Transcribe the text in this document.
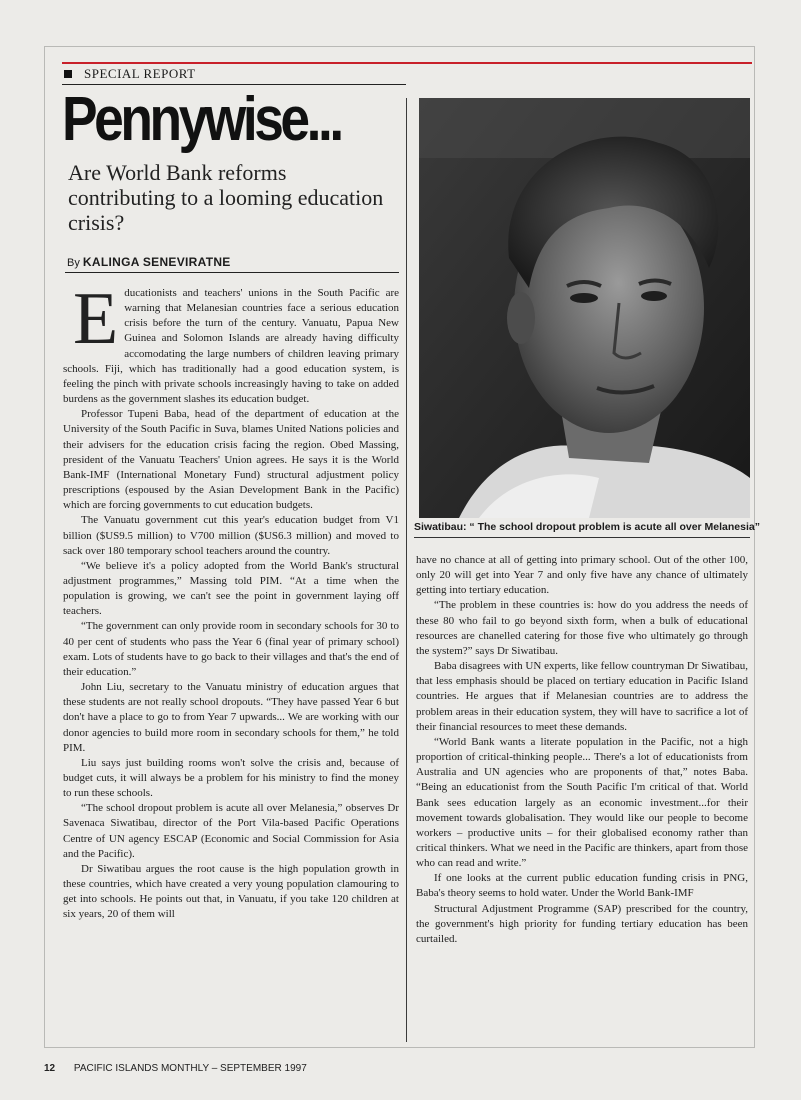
SPECIAL REPORT
Pennywise...
Are World Bank reforms contributing to a looming education crisis?
By KALINGA SENEVIRATNE

Educationists and teachers' unions in the South Pacific are warning that Melanesian countries face a serious education crisis before the turn of the century. Vanuatu, Papua New Guinea and Solomon Islands are already having difficulty accomodating the large numbers of children leaving primary schools. Fiji, which has traditionally had a good education system, is feeling the pinch with private schools increasingly having to take on added burdens as the government slashes its education budget.

Professor Tupeni Baba, head of the department of education at the University of the South Pacific in Suva, blames United Nations policies and their advisers for the education crisis facing the region. Obed Massing, president of the Vanuatu Teachers' Union agrees. He says it is the World Bank-IMF (International Monetary Fund) structural adjustment policy prescriptions (espoused by the Asian Development Bank in the Pacific) which are forcing governments to cut education budgets.

The Vanuatu government cut this year's education budget from V1 billion ($US9.5 million) to V700 million ($US6.3 million) and moved to sack over 180 temporary school teachers around the country.

“We believe it's a policy adopted from the World Bank's structural adjustment programmes,” Massing told PIM. “At a time when the population is growing, we can't see the point in government laying off teachers.

“The government can only provide room in secondary schools for 30 to 40 per cent of students who pass the Year 6 (final year of primary school) exam. Lots of students have to go back to their villages and that's the end of their education.”

John Liu, secretary to the Vanuatu ministry of education argues that these students are not really school dropouts. “They have passed Year 6 but don't have a place to go to from Year 7 upwards... We are working with our donor agencies to build more room in secondary schools for them,” he told PIM.

Liu says just building rooms won't solve the crisis and, because of budget cuts, it will always be a problem for his ministry to find the money to run these schools.

“The school dropout problem is acute all over Melanesia,” observes Dr Savenaca Siwatibau, director of the Port Vila-based Pacific Operations Centre of UN agency ESCAP (Economic and Social Commission for Asia and the Pacific).

Dr Siwatibau argues the root cause is the high population growth in these countries, which have created a very young population clamouring to get into schools. He points out that, in Vanuatu, if you take 120 children at six years, 20 of them will

Siwatibau: “ The school dropout problem is acute all over Melanesia”

have no chance at all of getting into primary school. Out of the other 100, only 20 will get into Year 7 and only five have any chance of ultimately getting into tertiary education.

“The problem in these countries is: how do you address the needs of these 80 who fail to go beyond sixth form, when a bulk of educational resources are chanelled catering for those five who ultimately go through the system?” says Dr Siwatibau.

Baba disagrees with UN experts, like fellow countryman Dr Siwatibau, that less emphasis should be placed on tertiary education in Pacific Island countries. He argues that if Melanesian countries are to address the problem areas in their education system, they will have to sacrifice a lot of their financial resources to meet these demands.

“World Bank wants a literate population in the Pacific, not a high proportion of critical-thinking people... There's a lot of educationists from Australia and UN agencies who are proponents of that,” notes Baba. “Being an educationist from the South Pacific I'm critical of that. World Bank sees education largely as an economic investment...for their movement towards globalisation. They would like our people to become workers – productive units – for their globalised economy rather than critical thinkers. What we need in the Pacific are thinkers, apart from those who can read and write.”

If one looks at the current public education funding crisis in PNG, Baba's theory seems to hold water. Under the World Bank-IMF

Structural Adjustment Programme (SAP) prescribed for the country, the government's high priority for funding tertiary education has been curtailed.

12 PACIFIC ISLANDS MONTHLY – SEPTEMBER 1997
